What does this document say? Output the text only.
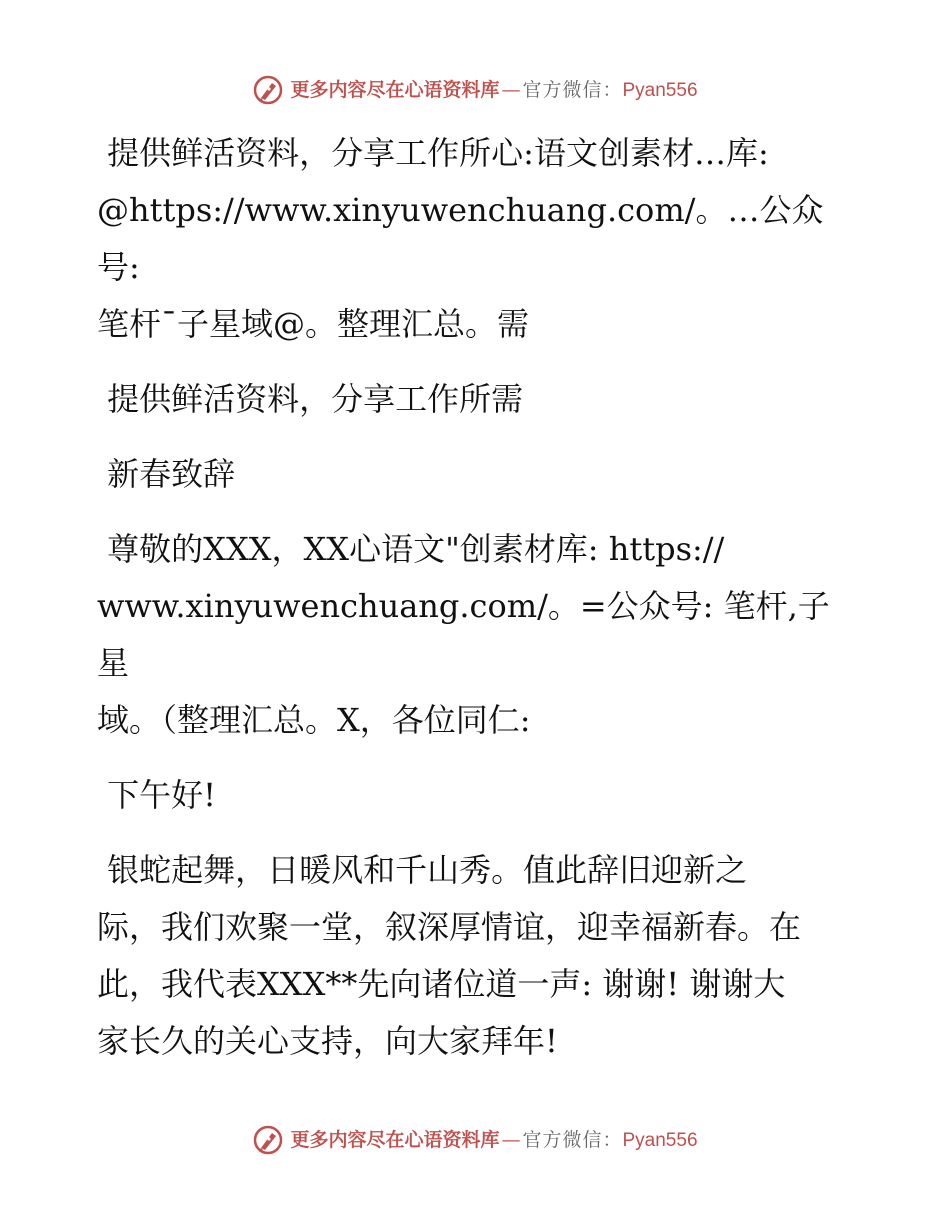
更多内容尽在心语资料库 — 官方微信： Pyan556

提供鲜活资料，分享工作所心:语文创素材…库:
@https://www.xinyuwenchuang.com/。…公众号:
笔杆¯子星域@。整理汇总。需

提供鲜活资料，分享工作所需

新春致辞

尊敬的XXX，XX心语文"创素材库: https://
www.xinyuwenchuang.com/。=公众号: 笔杆,子星
域。（整理汇总。X，各位同仁:

下午好!

银蛇起舞，日暖风和千山秀。值此辞旧迎新之
际，我们欢聚一堂，叙深厚情谊，迎幸福新春。在
此，我代表XXX**先向诸位道一声: 谢谢! 谢谢大
家长久的关心支持，向大家拜年!

更多内容尽在心语资料库 — 官方微信： Pyan556
